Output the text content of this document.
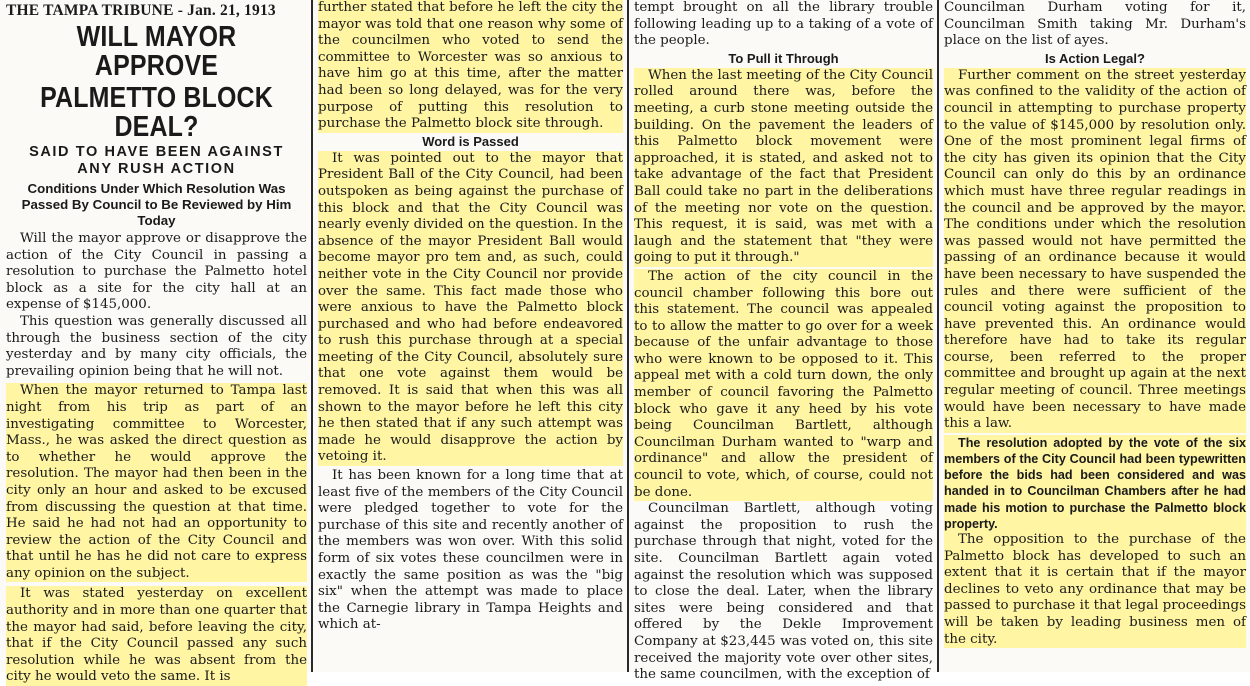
THE TAMPA TRIBUNE - Jan. 21, 1913
WILL MAYOR APPROVE
PALMETTO BLOCK DEAL?
SAID TO HAVE BEEN AGAINST
ANY RUSH ACTION
Conditions Under Which Resolution Was Passed By Council to Be Reviewed by Him Today

Will the mayor approve or disapprove the action of the City Council in passing a resolution to purchase the Palmetto hotel block as a site for the city hall at an expense of $145,000.

This question was generally discussed all through the business section of the city yesterday and by many city officials, the prevailing opinion being that he will not.

When the mayor returned to Tampa last night from his trip as part of an investigating committee to Worcester, Mass., he was asked the direct question as to whether he would approve the resolution. The mayor had then been in the city only an hour and asked to be excused from discussing the question at that time. He said he had not had an opportunity to review the action of the City Council and that until he has he did not care to express any opinion on the subject.

It was stated yesterday on excellent authority and in more than one quarter that the mayor had said, before leaving the city, that if the City Council passed any such resolution while he was absent from the city he would veto the same. It is

further stated that before he left the city the mayor was told that one reason why some of the councilmen who voted to send the committee to Worcester was so anxious to have him go at this time, after the matter had been so long delayed, was for the very purpose of putting this resolution to purchase the Palmetto block site through.

Word is Passed

It was pointed out to the mayor that President Ball of the City Council, had been outspoken as being against the purchase of this block and that the City Council was nearly evenly divided on the question. In the absence of the mayor President Ball would become mayor pro tem and, as such, could neither vote in the City Council nor provide over the same. This fact made those who were anxious to have the Palmetto block purchased and who had before endeavored to rush this purchase through at a special meeting of the City Council, absolutely sure that one vote against them would be removed. It is said that when this was all shown to the mayor before he left this city he then stated that if any such attempt was made he would disapprove the action by vetoing it.

It has been known for a long time that at least five of the members of the City Council were pledged together to vote for the purchase of this site and recently another of the members was won over. With this solid form of six votes these councilmen were in exactly the same position as was the "big six" when the attempt was made to place the Carnegie library in Tampa Heights and which at-

tempt brought on all the library trouble following leading up to a taking of a vote of the people.

To Pull it Through

When the last meeting of the City Council rolled around there was, before the meeting, a curb stone meeting outside the building. On the pavement the leaders of this Palmetto block movement were approached, it is stated, and asked not to take advantage of the fact that President Ball could take no part in the deliberations of the meeting nor vote on the question. This request, it is said, was met with a laugh and the statement that "they were going to put it through."

The action of the city council in the council chamber following this bore out this statement. The council was appealed to to allow the matter to go over for a week because of the unfair advantage to those who were known to be opposed to it. This appeal met with a cold turn down, the only member of council favoring the Palmetto block who gave it any heed by his vote being Councilman Bartlett, although Councilman Durham wanted to "warp and ordinance" and allow the president of council to vote, which, of course, could not be done.

Councilman Bartlett, although voting against the proposition to rush the purchase through that night, voted for the site. Councilman Bartlett again voted against the resolution which was supposed to close the deal. Later, when the library sites were being considered and that offered by the Dekle Improvement Company at $23,445 was voted on, this site received the majority vote over other sites, the same councilmen, with the exception of

Councilman Durham voting for it, Councilman Smith taking Mr. Durham's place on the list of ayes.

Is Action Legal?

Further comment on the street yesterday was confined to the validity of the action of council in attempting to purchase property to the value of $145,000 by resolution only. One of the most prominent legal firms of the city has given its opinion that the City Council can only do this by an ordinance which must have three regular readings in the council and be approved by the mayor. The conditions under which the resolution was passed would not have permitted the passing of an ordinance because it would have been necessary to have suspended the rules and there were sufficient of the council voting against the proposition to have prevented this. An ordinance would therefore have had to take its regular course, been referred to the proper committee and brought up again at the next regular meeting of council. Three meetings would have been necessary to have made this a law.

The resolution adopted by the vote of the six members of the City Council had been typewritten before the bids had been considered and was handed in to Councilman Chambers after he had made his motion to purchase the Palmetto block property.

The opposition to the purchase of the Palmetto block has developed to such an extent that it is certain that if the mayor declines to veto any ordinance that may be passed to purchase it that legal proceedings will be taken by leading business men of the city.
